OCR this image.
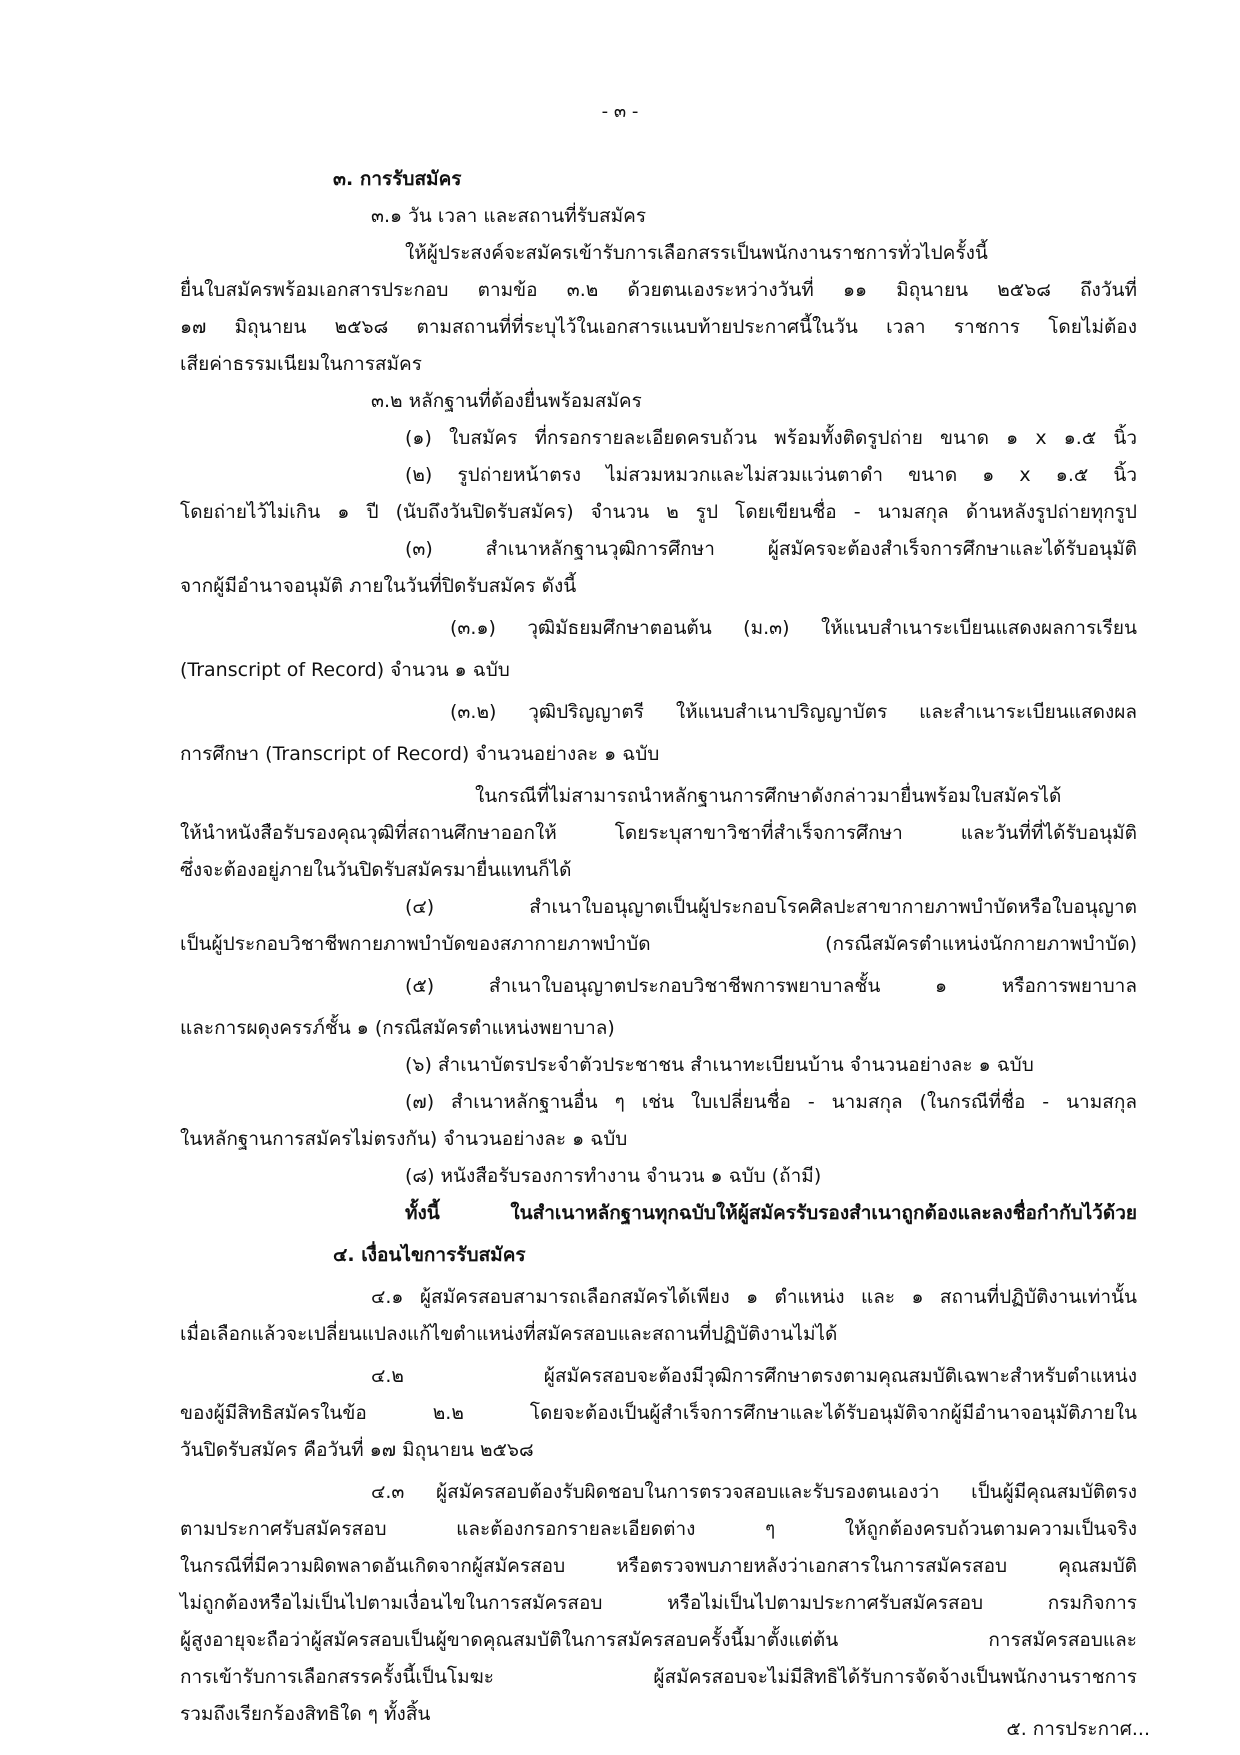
- ๓ -
๓. การรับสมัคร
๓.๑ วัน เวลา และสถานที่รับสมัคร
ให้ผู้ประสงค์จะสมัครเข้ารับการเลือกสรรเป็นพนักงานราชการทั่วไปครั้งนี้
ยื่นใบสมัครพร้อมเอกสารประกอบ ตามข้อ ๓.๒ ด้วยตนเองระหว่างวันที่ ๑๑ มิถุนายน ๒๕๖๘ ถึงวันที่
๑๗ มิถุนายน ๒๕๖๘ ตามสถานที่ที่ระบุไว้ในเอกสารแนบท้ายประกาศนี้ในวัน เวลา ราชการ โดยไม่ต้อง
เสียค่าธรรมเนียมในการสมัคร
๓.๒ หลักฐานที่ต้องยื่นพร้อมสมัคร
(๑) ใบสมัคร ที่กรอกรายละเอียดครบถ้วน พร้อมทั้งติดรูปถ่าย ขนาด ๑ x ๑.๕ นิ้ว
(๒) รูปถ่ายหน้าตรง ไม่สวมหมวกและไม่สวมแว่นตาดำ ขนาด ๑ x ๑.๕ นิ้ว
โดยถ่ายไว้ไม่เกิน ๑ ปี (นับถึงวันปิดรับสมัคร) จำนวน ๒ รูป โดยเขียนชื่อ - นามสกุล ด้านหลังรูปถ่ายทุกรูป
(๓) สำเนาหลักฐานวุฒิการศึกษา ผู้สมัครจะต้องสำเร็จการศึกษาและได้รับอนุมัติ
จากผู้มีอำนาจอนุมัติ ภายในวันที่ปิดรับสมัคร ดังนี้
(๓.๑) วุฒิมัธยมศึกษาตอนต้น (ม.๓) ให้แนบสำเนาระเบียนแสดงผลการเรียน
(Transcript of Record) จำนวน ๑ ฉบับ
(๓.๒) วุฒิปริญญาตรี ให้แนบสำเนาปริญญาบัตร และสำเนาระเบียนแสดงผล
การศึกษา (Transcript of Record) จำนวนอย่างละ ๑ ฉบับ
ในกรณีที่ไม่สามารถนำหลักฐานการศึกษาดังกล่าวมายื่นพร้อมใบสมัครได้
ให้นำหนังสือรับรองคุณวุฒิที่สถานศึกษาออกให้ โดยระบุสาขาวิชาที่สำเร็จการศึกษา และวันที่ที่ได้รับอนุมัติ
ซึ่งจะต้องอยู่ภายในวันปิดรับสมัครมายื่นแทนก็ได้
(๔) สำเนาใบอนุญาตเป็นผู้ประกอบโรคศิลปะสาขากายภาพบำบัดหรือใบอนุญาต
เป็นผู้ประกอบวิชาชีพกายภาพบำบัดของสภากายภาพบำบัด (กรณีสมัครตำแหน่งนักกายภาพบำบัด)
(๕) สำเนาใบอนุญาตประกอบวิชาชีพการพยาบาลชั้น ๑ หรือการพยาบาล
และการผดุงครรภ์ชั้น ๑ (กรณีสมัครตำแหน่งพยาบาล)
(๖) สำเนาบัตรประจำตัวประชาชน สำเนาทะเบียนบ้าน จำนวนอย่างละ ๑ ฉบับ
(๗) สำเนาหลักฐานอื่น ๆ เช่น ใบเปลี่ยนชื่อ - นามสกุล (ในกรณีที่ชื่อ - นามสกุล
ในหลักฐานการสมัครไม่ตรงกัน) จำนวนอย่างละ ๑ ฉบับ
(๘) หนังสือรับรองการทำงาน จำนวน ๑ ฉบับ (ถ้ามี)
ทั้งนี้ ในสำเนาหลักฐานทุกฉบับให้ผู้สมัครรับรองสำเนาถูกต้องและลงชื่อกำกับไว้ด้วย
๔. เงื่อนไขการรับสมัคร
๔.๑ ผู้สมัครสอบสามารถเลือกสมัครได้เพียง ๑ ตำแหน่ง และ ๑ สถานที่ปฏิบัติงานเท่านั้น
เมื่อเลือกแล้วจะเปลี่ยนแปลงแก้ไขตำแหน่งที่สมัครสอบและสถานที่ปฏิบัติงานไม่ได้
๔.๒ ผู้สมัครสอบจะต้องมีวุฒิการศึกษาตรงตามคุณสมบัติเฉพาะสำหรับตำแหน่ง
ของผู้มีสิทธิสมัครในข้อ ๒.๒ โดยจะต้องเป็นผู้สำเร็จการศึกษาและได้รับอนุมัติจากผู้มีอำนาจอนุมัติภายใน
วันปิดรับสมัคร คือวันที่ ๑๗ มิถุนายน ๒๕๖๘
๔.๓ ผู้สมัครสอบต้องรับผิดชอบในการตรวจสอบและรับรองตนเองว่า เป็นผู้มีคุณสมบัติตรง
ตามประกาศรับสมัครสอบ และต้องกรอกรายละเอียดต่าง ๆ ให้ถูกต้องครบถ้วนตามความเป็นจริง
ในกรณีที่มีความผิดพลาดอันเกิดจากผู้สมัครสอบ หรือตรวจพบภายหลังว่าเอกสารในการสมัครสอบ คุณสมบัติ
ไม่ถูกต้องหรือไม่เป็นไปตามเงื่อนไขในการสมัครสอบ หรือไม่เป็นไปตามประกาศรับสมัครสอบ กรมกิจการ
ผู้สูงอายุจะถือว่าผู้สมัครสอบเป็นผู้ขาดคุณสมบัติในการสมัครสอบครั้งนี้มาตั้งแต่ต้น การสมัครสอบและ
การเข้ารับการเลือกสรรครั้งนี้เป็นโมฆะ ผู้สมัครสอบจะไม่มีสิทธิได้รับการจัดจ้างเป็นพนักงานราชการ
รวมถึงเรียกร้องสิทธิใด ๆ ทั้งสิ้น
๕. การประกาศ...
